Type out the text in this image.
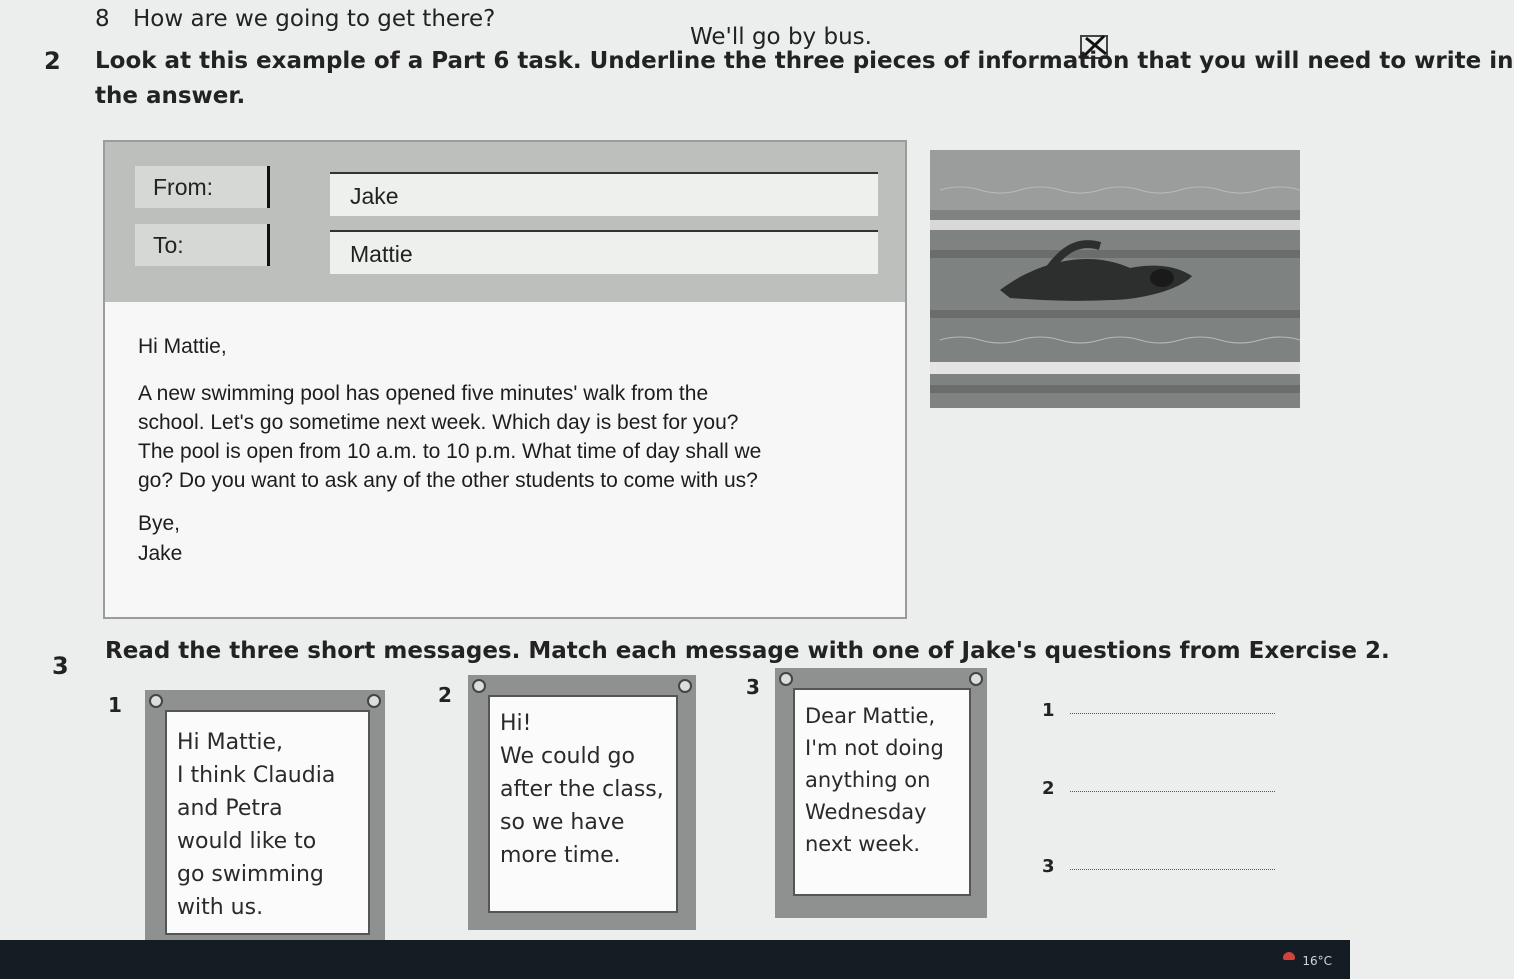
8 How are we going to get there?
We'll go by bus.
2 Look at this example of a Part 6 task. Underline the three pieces of information that you will need to write in
the answer.
From:	Jake
To:	Mattie
Hi Mattie,
A new swimming pool has opened five minutes' walk from the
school. Let's go sometime next week. Which day is best for you?
The pool is open from 10 a.m. to 10 p.m. What time of day shall we
go? Do you want to ask any of the other students to come with us?
Bye,
Jake
3
Read the three short messages. Match each message with one of Jake's questions from Exercise 2.
1
Hi Mattie,
I think Claudia
and Petra
would like to
go swimming
with us.
2
Hi!
We could go
after the class,
so we have
more time.
3
Dear Mattie,
I'm not doing
anything on
Wednesday
next week.
1
2
3
16°C
